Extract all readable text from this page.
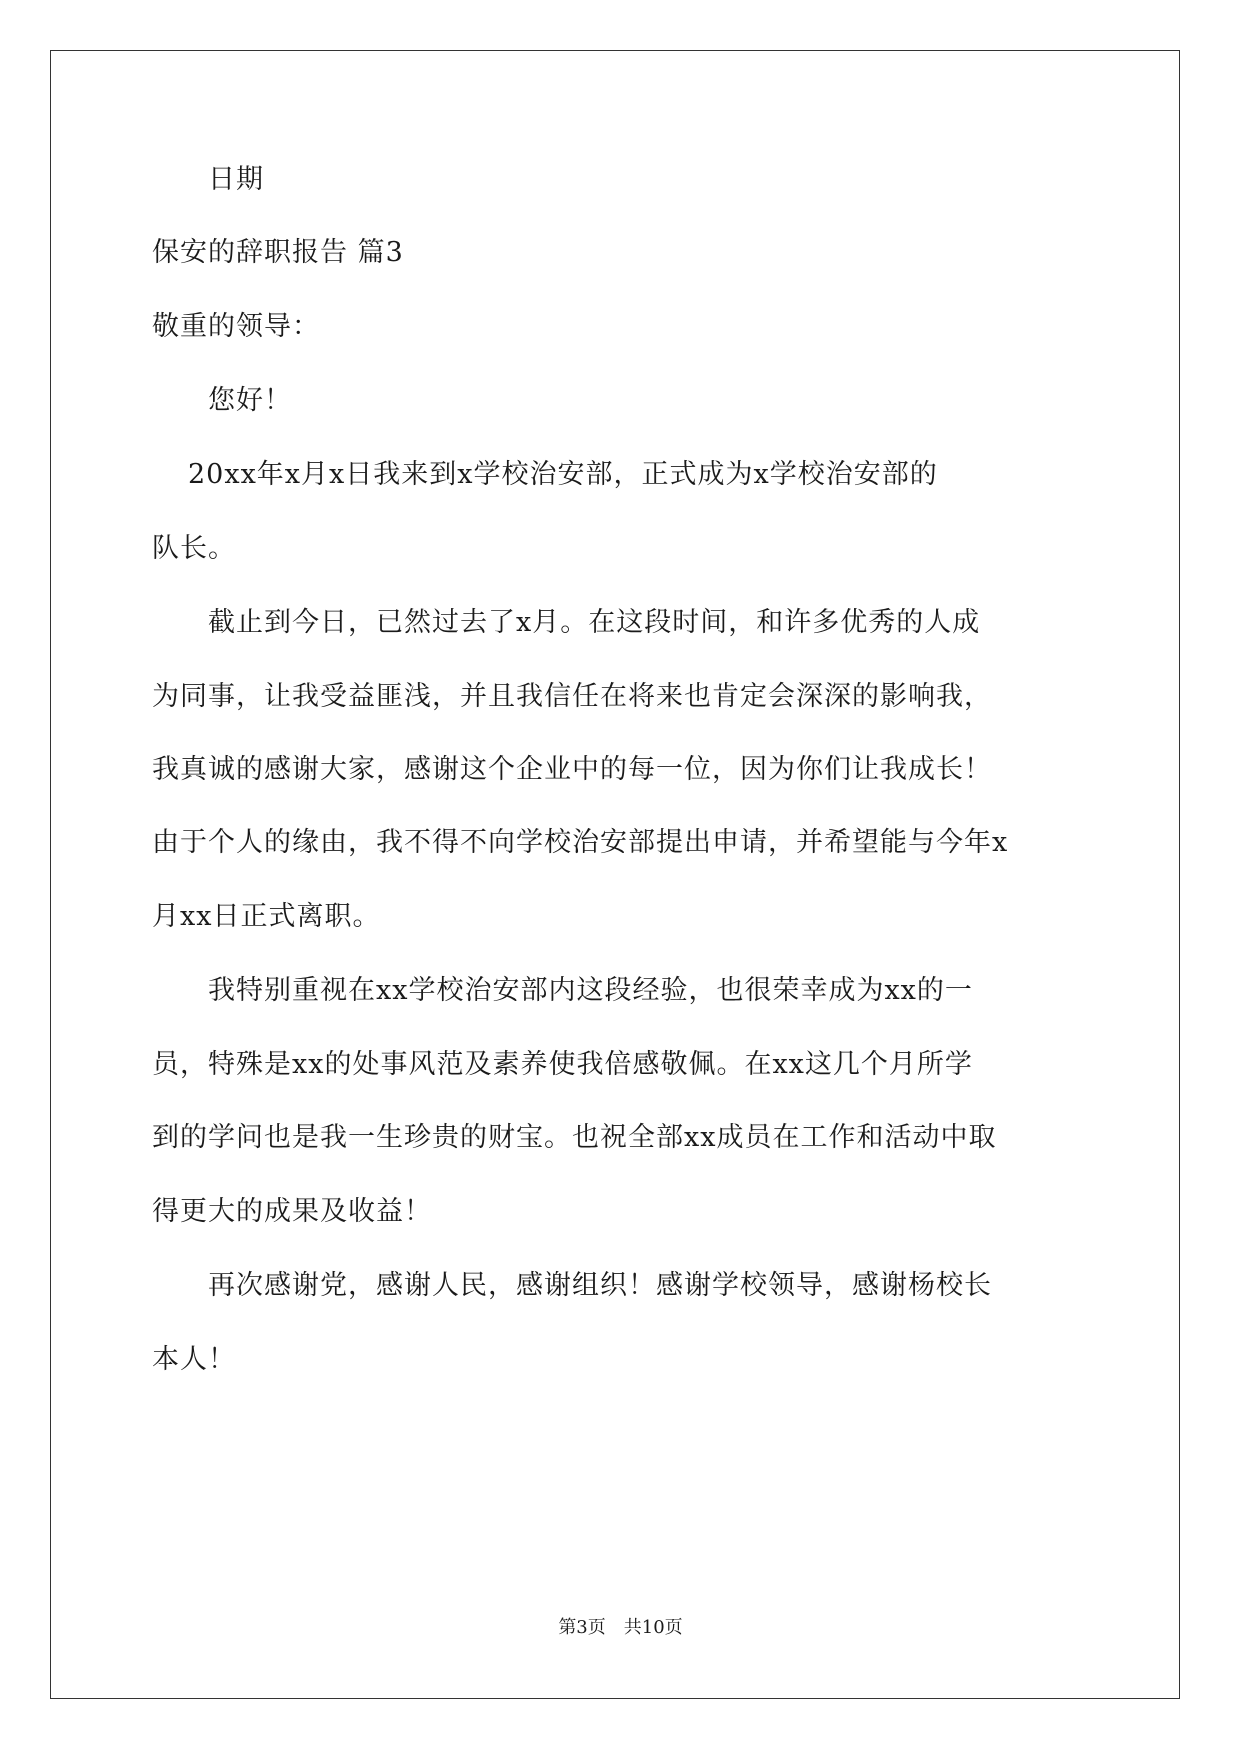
日期
保安的辞职报告 篇3
敬重的领导：
您好！
20xx年x月x日我来到x学校治安部，正式成为x学校治安部的
队长。
截止到今日，已然过去了x月。在这段时间，和许多优秀的人成
为同事，让我受益匪浅，并且我信任在将来也肯定会深深的影响我，
我真诚的感谢大家，感谢这个企业中的每一位，因为你们让我成长！
由于个人的缘由，我不得不向学校治安部提出申请，并希望能与今年x
月xx日正式离职。
我特别重视在xx学校治安部内这段经验，也很荣幸成为xx的一
员，特殊是xx的处事风范及素养使我倍感敬佩。在xx这几个月所学
到的学问也是我一生珍贵的财宝。也祝全部xx成员在工作和活动中取
得更大的成果及收益！
再次感谢党，感谢人民，感谢组织！感谢学校领导，感谢杨校长
本人！
第3页　共10页
